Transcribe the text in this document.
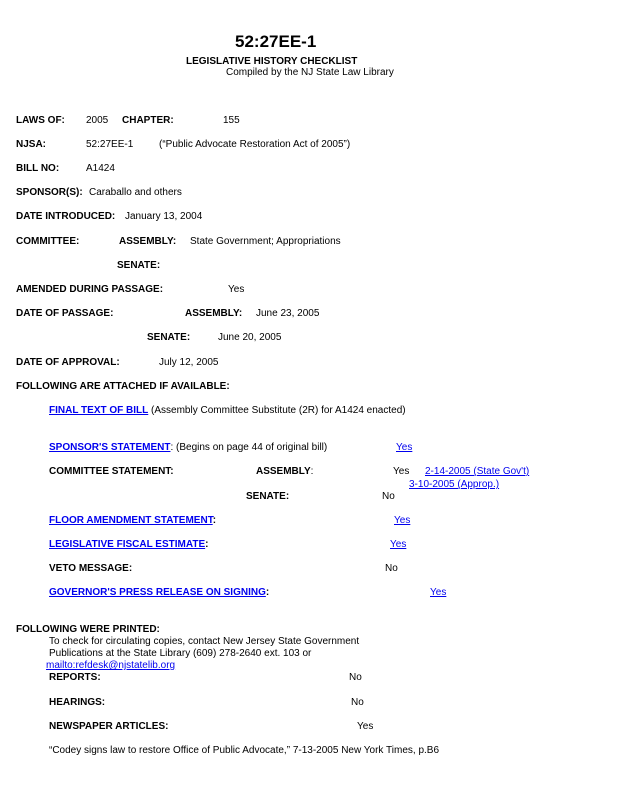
52:27EE-1
LEGISLATIVE HISTORY CHECKLIST
Compiled by the NJ State Law Library
LAWS OF: 2005 CHAPTER:	155
NJSA:	52:27EE-1	(“Public Advocate Restoration Act of 2005”)
BILL NO:	A1424
SPONSOR(S): Caraballo and others
DATE INTRODUCED: January 13, 2004
COMMITTEE:	ASSEMBLY: State Government; Appropriations
SENATE:
AMENDED DURING PASSAGE:	Yes
DATE OF PASSAGE:	ASSEMBLY: June 23, 2005
SENATE:	June 20, 2005
DATE OF APPROVAL:	July 12, 2005
FOLLOWING ARE ATTACHED IF AVAILABLE:
FINAL TEXT OF BILL (Assembly Committee Substitute (2R) for A1424 enacted)
SPONSOR'S STATEMENT: (Begins on page 44 of original bill)	Yes
COMMITTEE STATEMENT:	ASSEMBLY:	Yes 2-14-2005 (State Gov't)
3-10-2005 (Approp.)
SENATE:	No
FLOOR AMENDMENT STATEMENT:	Yes
LEGISLATIVE FISCAL ESTIMATE:	Yes
VETO MESSAGE:	No
GOVERNOR'S PRESS RELEASE ON SIGNING:	Yes
FOLLOWING WERE PRINTED:
To check for circulating copies, contact New Jersey State Government
Publications at the State Library (609) 278-2640 ext. 103 or
mailto:refdesk@njstatelib.org
REPORTS:	No
HEARINGS:	No
NEWSPAPER ARTICLES:	Yes
“Codey signs law to restore Office of Public Advocate,” 7-13-2005 New York Times, p.B6
